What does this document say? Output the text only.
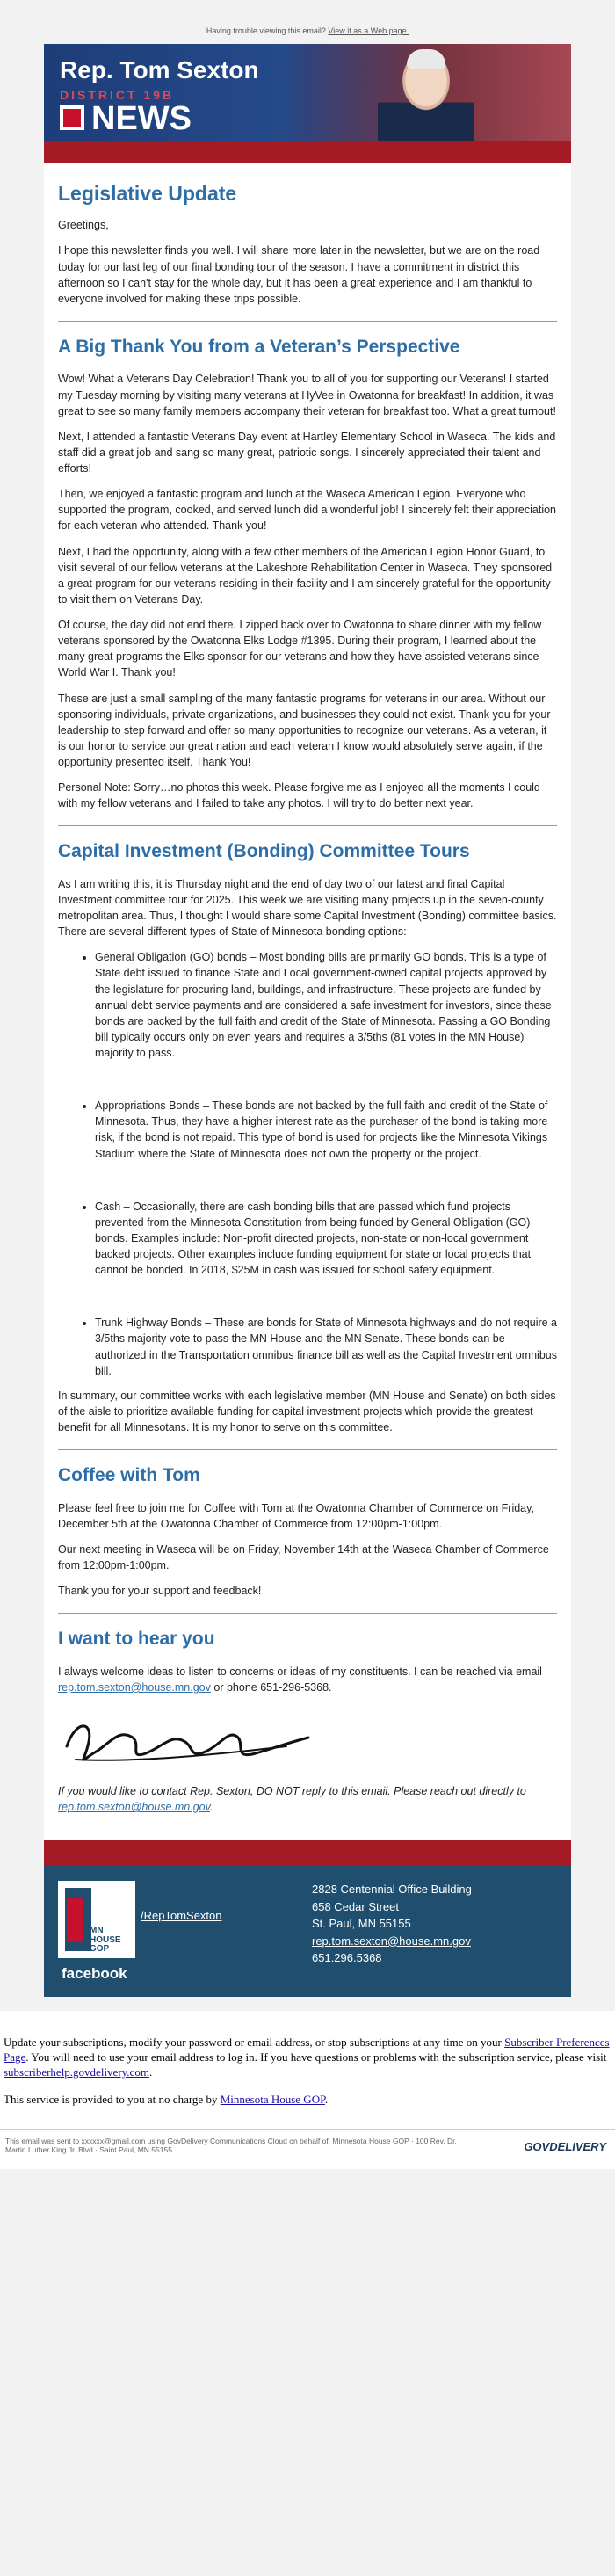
Having trouble viewing this email? View it as a Web page.
Rep. Tom Sexton
DISTRICT 19B
NEWS
Legislative Update

Greetings,

I hope this newsletter finds you well. I will share more later in the newsletter, but we are on the road today for our last leg of our final bonding tour of the season. I have a commitment in district this afternoon so I can't stay for the whole day, but it has been a great experience and I am thankful to everyone involved for making these trips possible.

A Big Thank You from a Veteran’s Perspective

Wow! What a Veterans Day Celebration! Thank you to all of you for supporting our Veterans! I started my Tuesday morning by visiting many veterans at HyVee in Owatonna for breakfast! In addition, it was great to see so many family members accompany their veteran for breakfast too. What a great turnout!

Next, I attended a fantastic Veterans Day event at Hartley Elementary School in Waseca. The kids and staff did a great job and sang so many great, patriotic songs. I sincerely appreciated their talent and efforts!

Then, we enjoyed a fantastic program and lunch at the Waseca American Legion. Everyone who supported the program, cooked, and served lunch did a wonderful job! I sincerely felt their appreciation for each veteran who attended. Thank you!

Next, I had the opportunity, along with a few other members of the American Legion Honor Guard, to visit several of our fellow veterans at the Lakeshore Rehabilitation Center in Waseca. They sponsored a great program for our veterans residing in their facility and I am sincerely grateful for the opportunity to visit them on Veterans Day.

Of course, the day did not end there. I zipped back over to Owatonna to share dinner with my fellow veterans sponsored by the Owatonna Elks Lodge #1395. During their program, I learned about the many great programs the Elks sponsor for our veterans and how they have assisted veterans since World War I. Thank you!

These are just a small sampling of the many fantastic programs for veterans in our area. Without our sponsoring individuals, private organizations, and businesses they could not exist. Thank you for your leadership to step forward and offer so many opportunities to recognize our veterans. As a veteran, it is our honor to service our great nation and each veteran I know would absolutely serve again, if the opportunity presented itself. Thank You!

Personal Note: Sorry…no photos this week. Please forgive me as I enjoyed all the moments I could with my fellow veterans and I failed to take any photos. I will try to do better next year.

Capital Investment (Bonding) Committee Tours

As I am writing this, it is Thursday night and the end of day two of our latest and final Capital Investment committee tour for 2025. This week we are visiting many projects up in the seven-county metropolitan area. Thus, I thought I would share some Capital Investment (Bonding) committee basics. There are several different types of State of Minnesota bonding options:

• General Obligation (GO) bonds – Most bonding bills are primarily GO bonds. This is a type of State debt issued to finance State and Local government-owned capital projects approved by the legislature for procuring land, buildings, and infrastructure. These projects are funded by annual debt service payments and are considered a safe investment for investors, since these bonds are backed by the full faith and credit of the State of Minnesota. Passing a GO Bonding bill typically occurs only on even years and requires a 3/5ths (81 votes in the MN House) majority to pass.
• Appropriations Bonds – These bonds are not backed by the full faith and credit of the State of Minnesota. Thus, they have a higher interest rate as the purchaser of the bond is taking more risk, if the bond is not repaid. This type of bond is used for projects like the Minnesota Vikings Stadium where the State of Minnesota does not own the property or the project.
• Cash – Occasionally, there are cash bonding bills that are passed which fund projects prevented from the Minnesota Constitution from being funded by General Obligation (GO) bonds. Examples include: Non-profit directed projects, non-state or non-local government backed projects. Other examples include funding equipment for state or local projects that cannot be bonded. In 2018, $25M in cash was issued for school safety equipment.
• Trunk Highway Bonds – These are bonds for State of Minnesota highways and do not require a 3/5ths majority vote to pass the MN House and the MN Senate. These bonds can be authorized in the Transportation omnibus finance bill as well as the Capital Investment omnibus bill.

In summary, our committee works with each legislative member (MN House and Senate) on both sides of the aisle to prioritize available funding for capital investment projects which provide the greatest benefit for all Minnesotans. It is my honor to serve on this committee.

Coffee with Tom

Please feel free to join me for Coffee with Tom at the Owatonna Chamber of Commerce on Friday, December 5th at the Owatonna Chamber of Commerce from 12:00pm-1:00pm.

Our next meeting in Waseca will be on Friday, November 14th at the Waseca Chamber of Commerce from 12:00pm-1:00pm.

Thank you for your support and feedback!

I want to hear you

I always welcome ideas to listen to concerns or ideas of my constituents. I can be reached via email rep.tom.sexton@house.mn.gov or phone 651-296-5368.

If you would like to contact Rep. Sexton, DO NOT reply to this email. Please reach out directly to rep.tom.sexton@house.mn.gov.

MN HOUSE
GOP
facebook
/RepTomSexton
2828 Centennial Office Building
658 Cedar Street
St. Paul, MN 55155
rep.tom.sexton@house.mn.gov
651.296.5368

Update your subscriptions, modify your password or email address, or stop subscriptions at any time on your Subscriber Preferences Page. You will need to use your email address to log in. If you have questions or problems with the subscription service, please visit subscriberhelp.govdelivery.com.

This service is provided to you at no charge by Minnesota House GOP.

This email was sent to xxxxxx@gmail.com using GovDelivery Communications Cloud on behalf of: Minnesota House GOP · 100 Rev. Dr. Martin Luther King Jr. Blvd · Saint Paul, MN 55155	GOVDELIVERY
